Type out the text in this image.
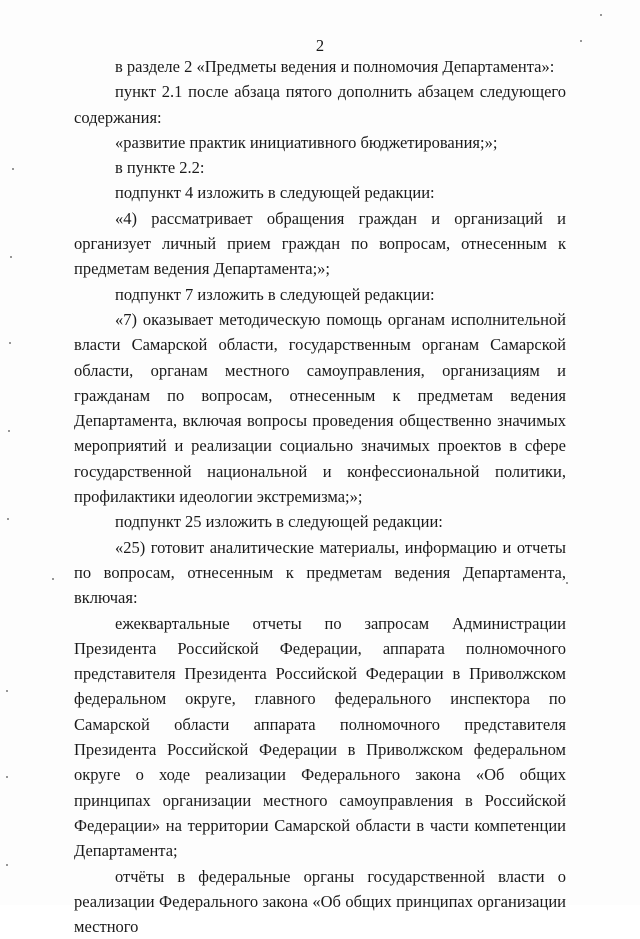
2

в разделе 2 «Предметы ведения и полномочия Департамента»:

пункт 2.1 после абзаца пятого дополнить абзацем следующего содержания:

«развитие практик инициативного бюджетирования;»;

в пункте 2.2:

подпункт 4 изложить в следующей редакции:

«4) рассматривает обращения граждан и организаций и организует личный прием граждан по вопросам, отнесенным к предметам ведения Департамента;»;

подпункт 7 изложить в следующей редакции:

«7) оказывает методическую помощь органам исполнительной власти Самарской области, государственным органам Самарской области, органам местного самоуправления, организациям и гражданам по вопросам, отнесенным к предметам ведения Департамента, включая вопросы проведения общественно значимых мероприятий и реализации социально значимых проектов в сфере государственной национальной и конфессиональной политики, профилактики идеологии экстремизма;»;

подпункт 25 изложить в следующей редакции:

«25) готовит аналитические материалы, информацию и отчеты по вопросам, отнесенным к предметам ведения Департамента, включая:

ежеквартальные отчеты по запросам Администрации Президента Российской Федерации, аппарата полномочного представителя Президента Российской Федерации в Приволжском федеральном округе, главного федерального инспектора по Самарской области аппарата полномочного представителя Президента Российской Федерации в Приволжском федеральном округе о ходе реализации Федерального закона «Об общих принципах организации местного самоуправления в Российской Федерации» на территории Самарской области в части компетенции Департамента;

отчёты в федеральные органы государственной власти о реализации Федерального закона «Об общих принципах организации местного
